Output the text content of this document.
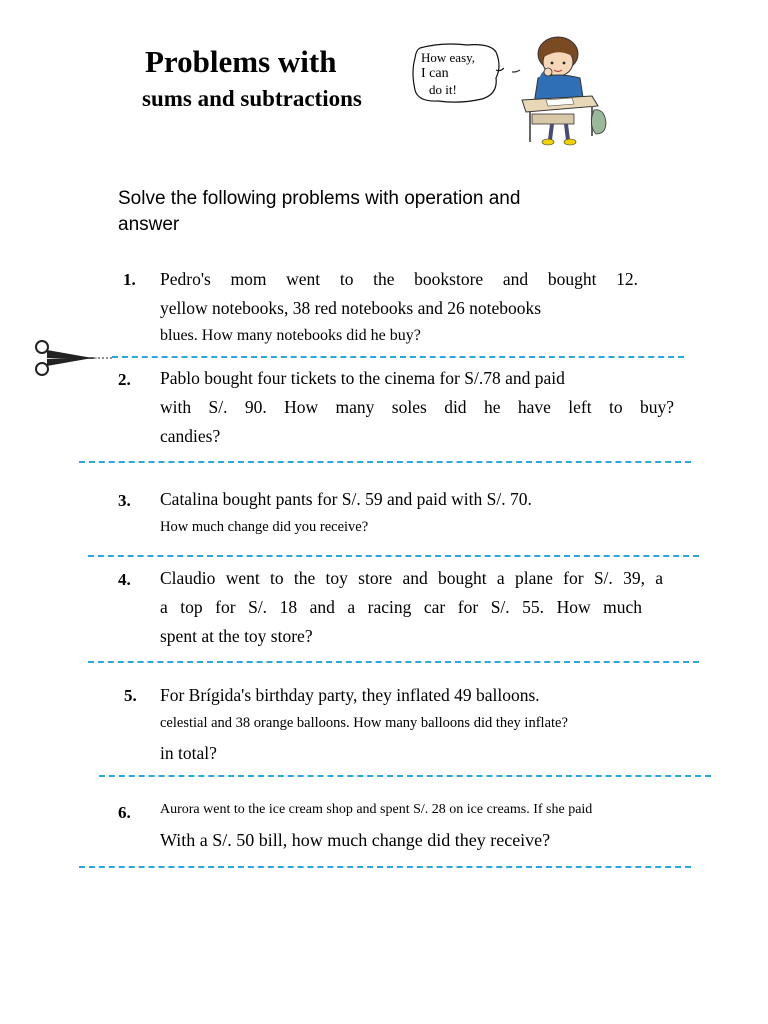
Problems with
sums and subtractions
How easy,
I can
do it!
Solve the following problems with operation and
answer
1. Pedro's mom went to the bookstore and bought 12.
yellow notebooks, 38 red notebooks and 26 notebooks
blues. How many notebooks did he buy?
2. Pablo bought four tickets to the cinema for S/.78 and paid
with S/. 90. How many soles did he have left to buy?
candies?
3. Catalina bought pants for S/. 59 and paid with S/. 70.
How much change did you receive?
4. Claudio went to the toy store and bought a plane for S/. 39, a
a top for S/. 18 and a racing car for S/. 55. How much
spent at the toy store?
5. For Brígida's birthday party, they inflated 49 balloons.
celestial and 38 orange balloons. How many balloons did they inflate?
in total?
6. Aurora went to the ice cream shop and spent S/. 28 on ice creams. If she paid
With a S/. 50 bill, how much change did they receive?
